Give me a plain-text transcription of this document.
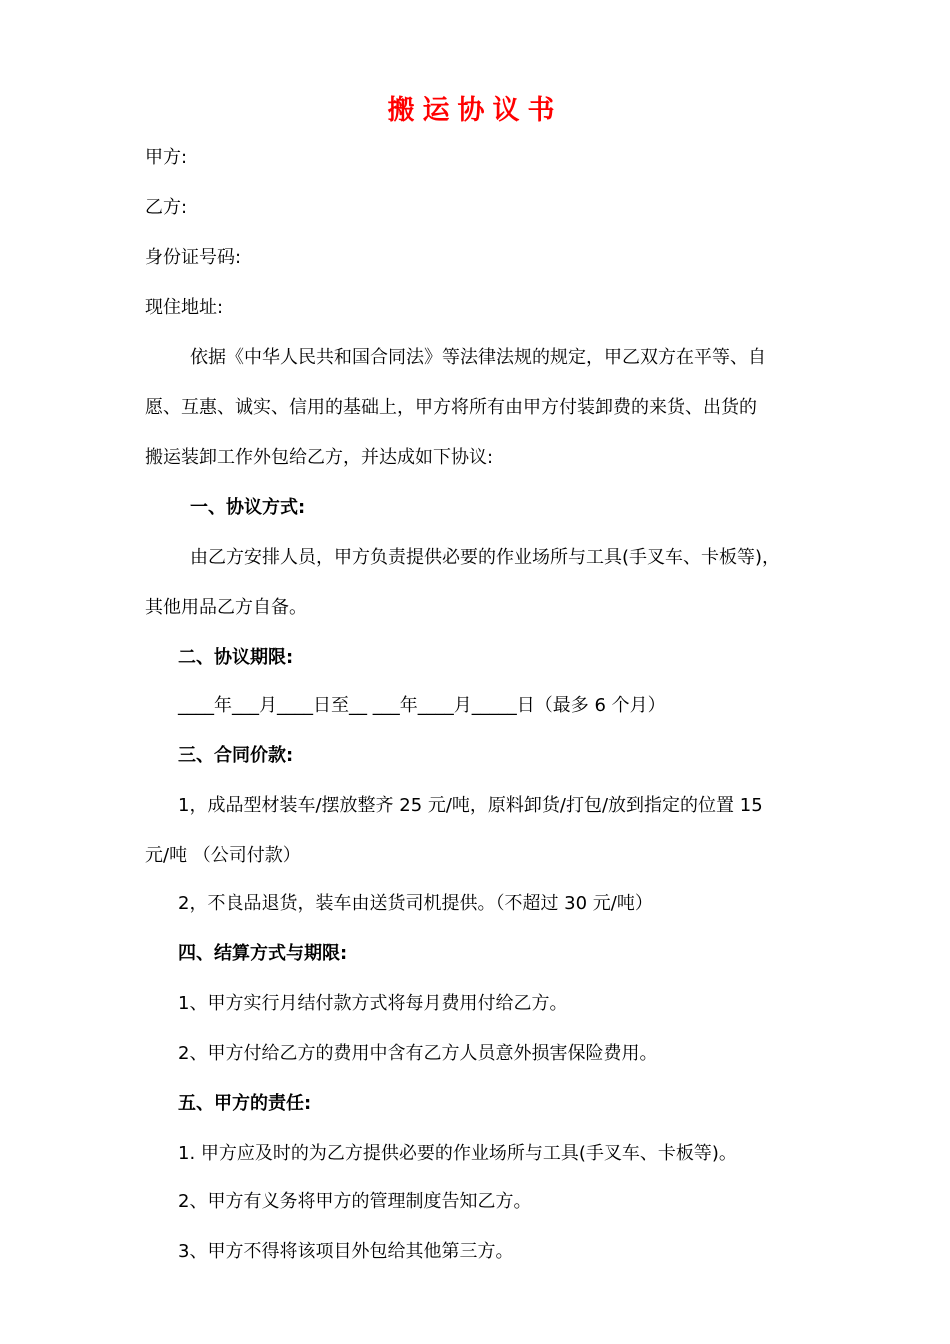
搬运协议书
甲方:
乙方:
身份证号码:
现住地址:
依据《中华人民共和国合同法》等法律法规的规定，甲乙双方在平等、自
愿、互惠、诚实、信用的基础上，甲方将所有由甲方付装卸费的来货、出货的
搬运装卸工作外包给乙方，并达成如下协议:
一、协议方式:
由乙方安排人员，甲方负责提供必要的作业场所与工具(手叉车、卡板等)，
其他用品乙方自备。
二、协议期限:
____年___月____日至__ ___年____月_____日（最多 6 个月）
三、合同价款:
1，成品型材装车/摆放整齐 25 元/吨，原料卸货/打包/放到指定的位置 15
元/吨 （公司付款）
2，不良品退货，装车由送货司机提供。（不超过 30 元/吨）
四、结算方式与期限:
1、甲方实行月结付款方式将每月费用付给乙方。
2、甲方付给乙方的费用中含有乙方人员意外损害保险费用。
五、甲方的责任:
1. 甲方应及时的为乙方提供必要的作业场所与工具(手叉车、卡板等)。
2、甲方有义务将甲方的管理制度告知乙方。
3、甲方不得将该项目外包给其他第三方。
